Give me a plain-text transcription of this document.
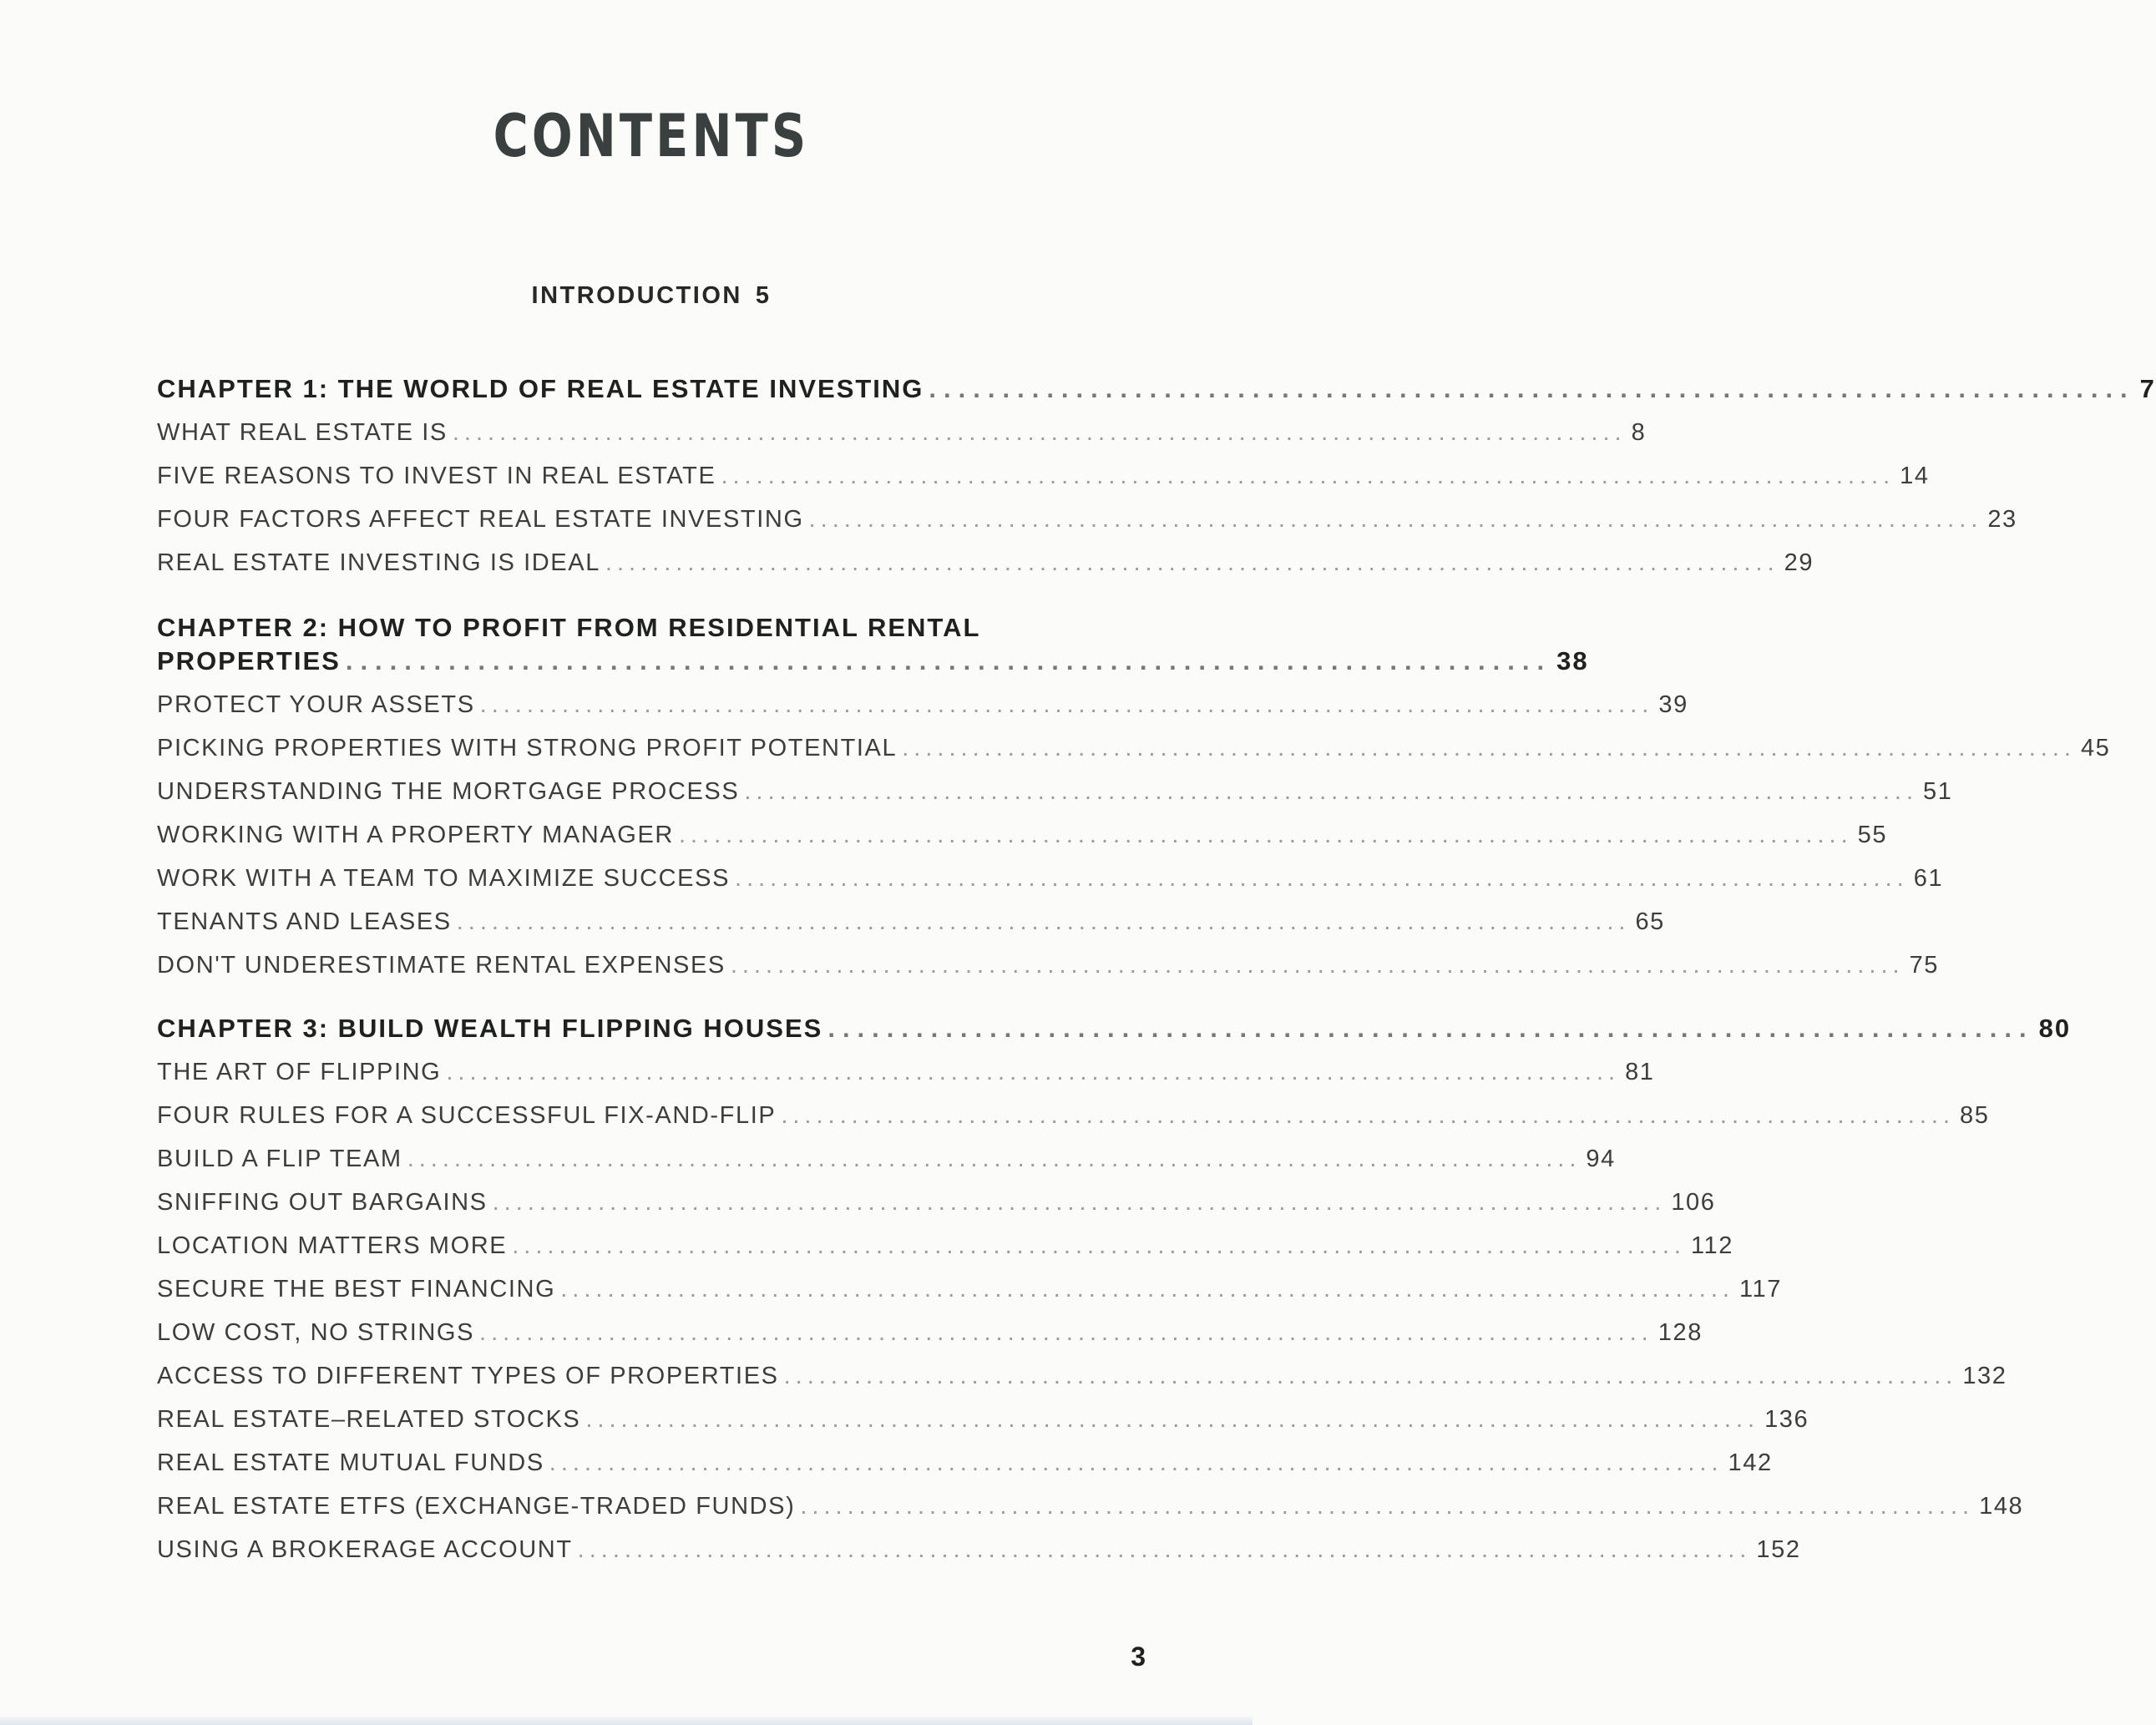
CONTENTS
INTRODUCTION 5
CHAPTER 1: THE WORLD OF REAL ESTATE INVESTING .................................................................................. 7
WHAT REAL ESTATE IS .................................................................................................... 8
FIVE REASONS TO INVEST IN REAL ESTATE .................................................................................................... 14
FOUR FACTORS AFFECT REAL ESTATE INVESTING .................................................................................................... 23
REAL ESTATE INVESTING IS IDEAL .................................................................................................... 29
CHAPTER 2: HOW TO PROFIT FROM RESIDENTIAL RENTAL
PROPERTIES .................................................................................. 38
PROTECT YOUR ASSETS .................................................................................................... 39
PICKING PROPERTIES WITH STRONG PROFIT POTENTIAL .................................................................................................... 45
UNDERSTANDING THE MORTGAGE PROCESS .................................................................................................... 51
WORKING WITH A PROPERTY MANAGER .................................................................................................... 55
WORK WITH A TEAM TO MAXIMIZE SUCCESS .................................................................................................... 61
TENANTS AND LEASES .................................................................................................... 65
DON'T UNDERESTIMATE RENTAL EXPENSES .................................................................................................... 75
CHAPTER 3: BUILD WEALTH FLIPPING HOUSES .................................................................................. 80
THE ART OF FLIPPING .................................................................................................... 81
FOUR RULES FOR A SUCCESSFUL FIX-AND-FLIP .................................................................................................... 85
BUILD A FLIP TEAM .................................................................................................... 94
SNIFFING OUT BARGAINS .................................................................................................... 106
LOCATION MATTERS MORE .................................................................................................... 112
SECURE THE BEST FINANCING .................................................................................................... 117
LOW COST, NO STRINGS .................................................................................................... 128
ACCESS TO DIFFERENT TYPES OF PROPERTIES .................................................................................................... 132
REAL ESTATE–RELATED STOCKS .................................................................................................... 136
REAL ESTATE MUTUAL FUNDS .................................................................................................... 142
REAL ESTATE ETFS (EXCHANGE-TRADED FUNDS) .................................................................................................... 148
USING A BROKERAGE ACCOUNT .................................................................................................... 152
3
